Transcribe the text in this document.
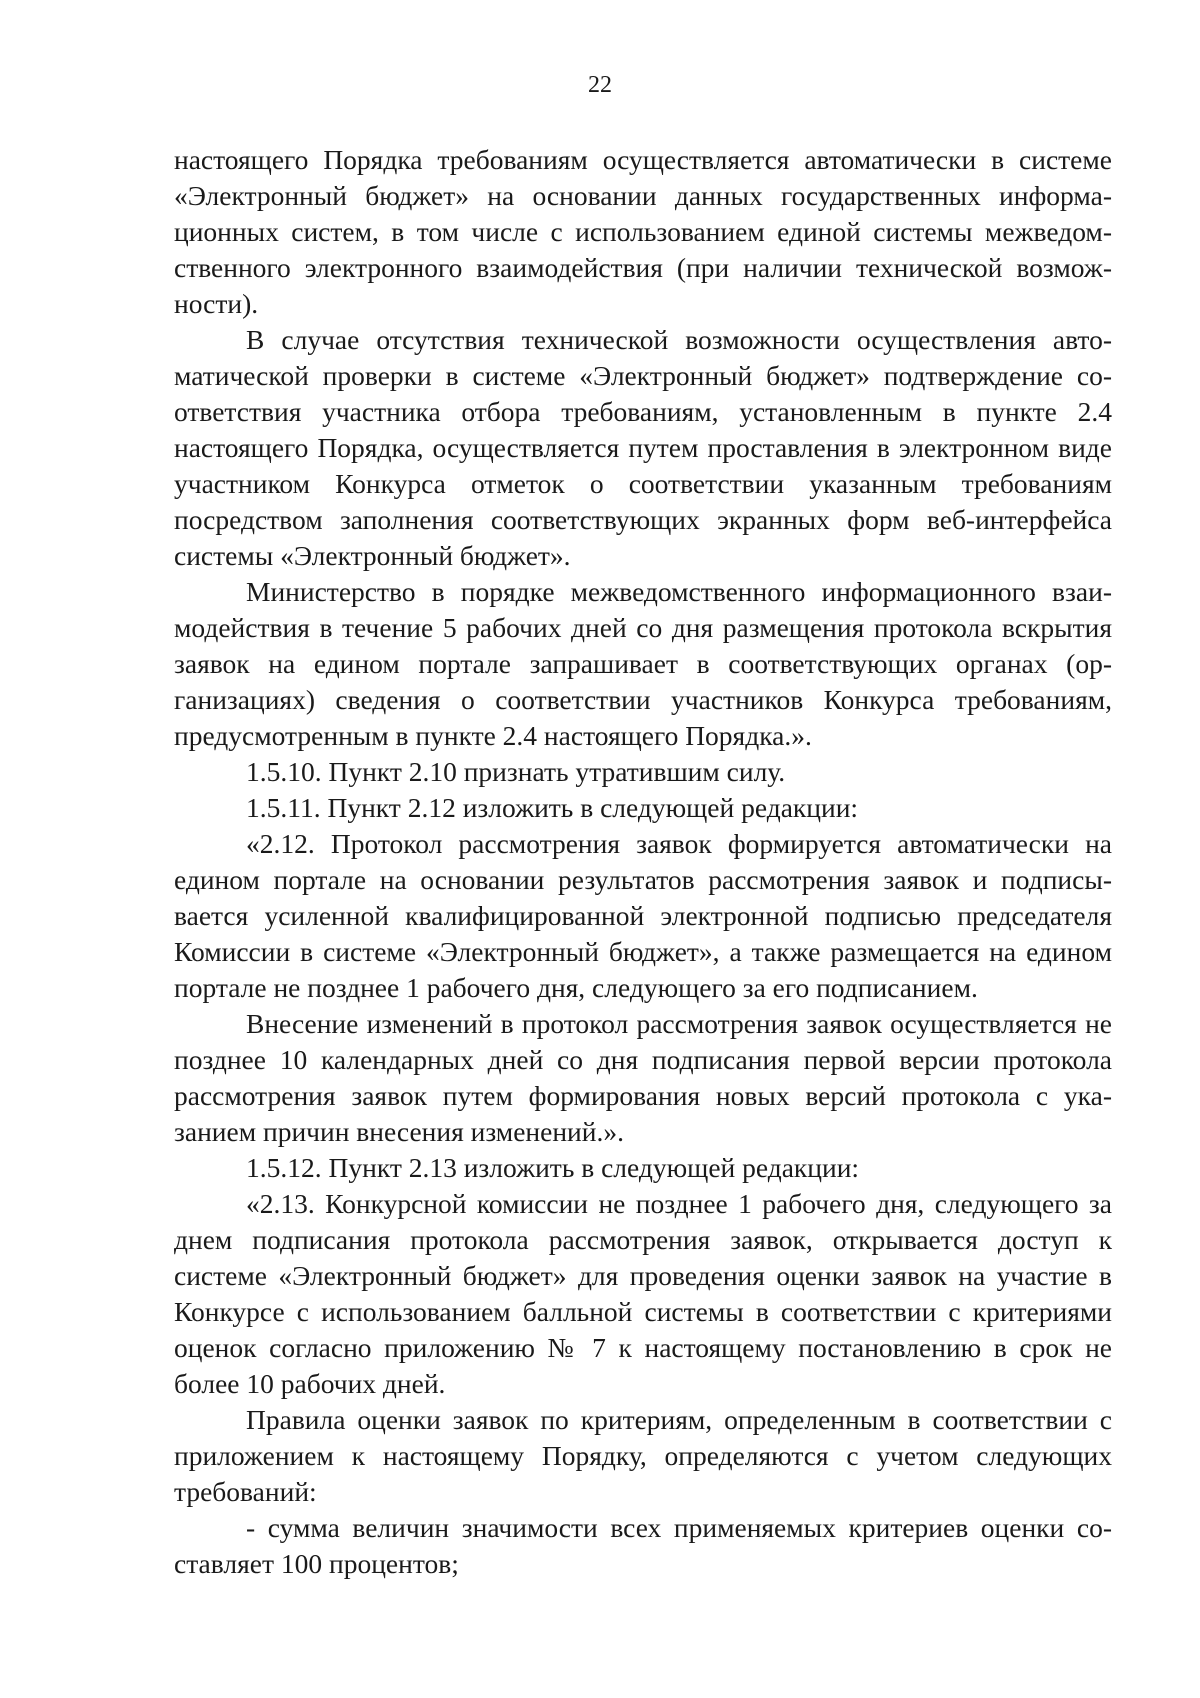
22

настоящего Порядка требованиям осуществляется автоматически в системе «Электронный бюджет» на основании данных государственных информационных систем, в том числе с использованием единой системы межведомственного электронного взаимодействия (при наличии технической возможности).

В случае отсутствия технической возможности осуществления автоматической проверки в системе «Электронный бюджет» подтверждение соответствия участника отбора требованиям, установленным в пункте 2.4 настоящего Порядка, осуществляется путем проставления в электронном виде участником Конкурса отметок о соответствии указанным требованиям посредством заполнения соответствующих экранных форм веб-интерфейса системы «Электронный бюджет».

Министерство в порядке межведомственного информационного взаимодействия в течение 5 рабочих дней со дня размещения протокола вскрытия заявок на едином портале запрашивает в соответствующих органах (организациях) сведения о соответствии участников Конкурса требованиям, предусмотренным в пункте 2.4 настоящего Порядка.».

1.5.10. Пункт 2.10 признать утратившим силу.

1.5.11. Пункт 2.12 изложить в следующей редакции:

«2.12. Протокол рассмотрения заявок формируется автоматически на едином портале на основании результатов рассмотрения заявок и подписывается усиленной квалифицированной электронной подписью председателя Комиссии в системе «Электронный бюджет», а также размещается на едином портале не позднее 1 рабочего дня, следующего за его подписанием.

Внесение изменений в протокол рассмотрения заявок осуществляется не позднее 10 календарных дней со дня подписания первой версии протокола рассмотрения заявок путем формирования новых версий протокола с указанием причин внесения изменений.».

1.5.12. Пункт 2.13 изложить в следующей редакции:

«2.13. Конкурсной комиссии не позднее 1 рабочего дня, следующего за днем подписания протокола рассмотрения заявок, открывается доступ к системе «Электронный бюджет» для проведения оценки заявок на участие в Конкурсе с использованием балльной системы в соответствии с критериями оценок согласно приложению № 7 к настоящему постановлению в срок не более 10 рабочих дней.

Правила оценки заявок по критериям, определенным в соответствии с приложением к настоящему Порядку, определяются с учетом следующих требований:

- сумма величин значимости всех применяемых критериев оценки составляет 100 процентов;
